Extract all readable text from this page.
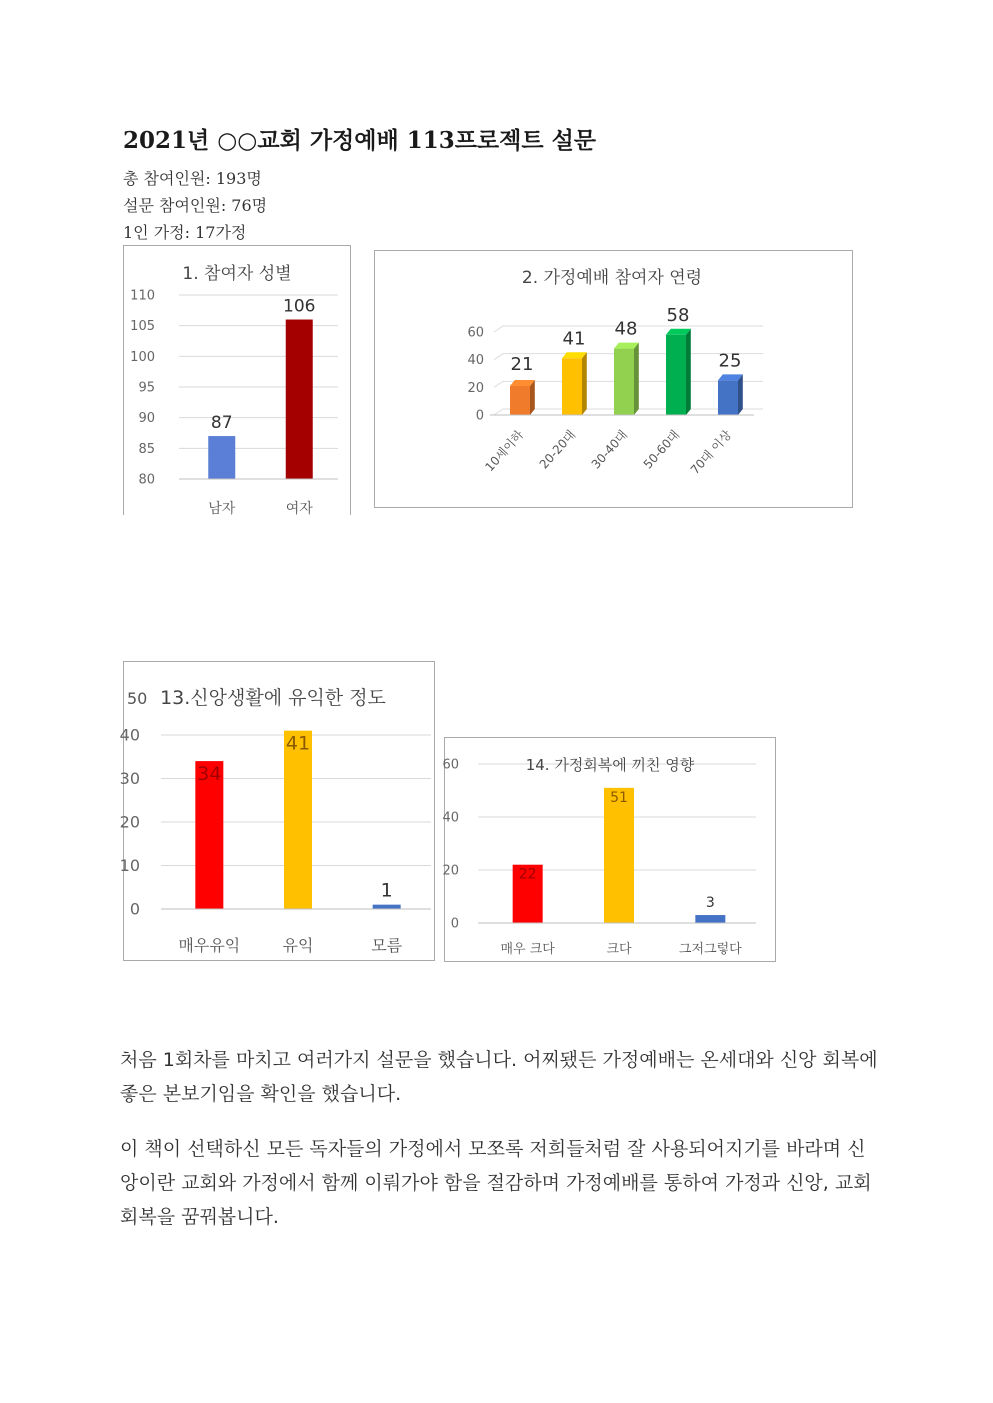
2021년 ○○교회 가정예배 113프로젝트 설문
총 참여인원: 193명
설문 참여인원: 76명
1인 가정: 17가정
80
85
90
95
100
105
110
1. 참여자 성별
87
남자
106
여자
0
20
40
60
2. 가정예배 참여자 연령
21
10세이하
41
20-20대
48
30-40대
58
50-60대
25
70대 이상
0
10
20
30
40
13.신앙생활에 유익한 정도
50
34
매우유익
41
유익
1
모름
0
20
40
60	14. 가정회복에 끼친 영향
22
매우 크다
51
크다
3
그저그렇다

처음 1회차를 마치고 여러가지 설문을 했습니다. 어찌됐든 가정예배는 온세대와 신앙 회복에 좋은 본보기임을 확인을 했습니다.

이 책이 선택하신 모든 독자들의 가정에서 모쪼록 저희들처럼 잘 사용되어지기를 바라며 신앙이란 교회와 가정에서 함께 이뤄가야 함을 절감하며 가정예배를 통하여 가정과 신앙, 교회회복을 꿈꿔봅니다.
